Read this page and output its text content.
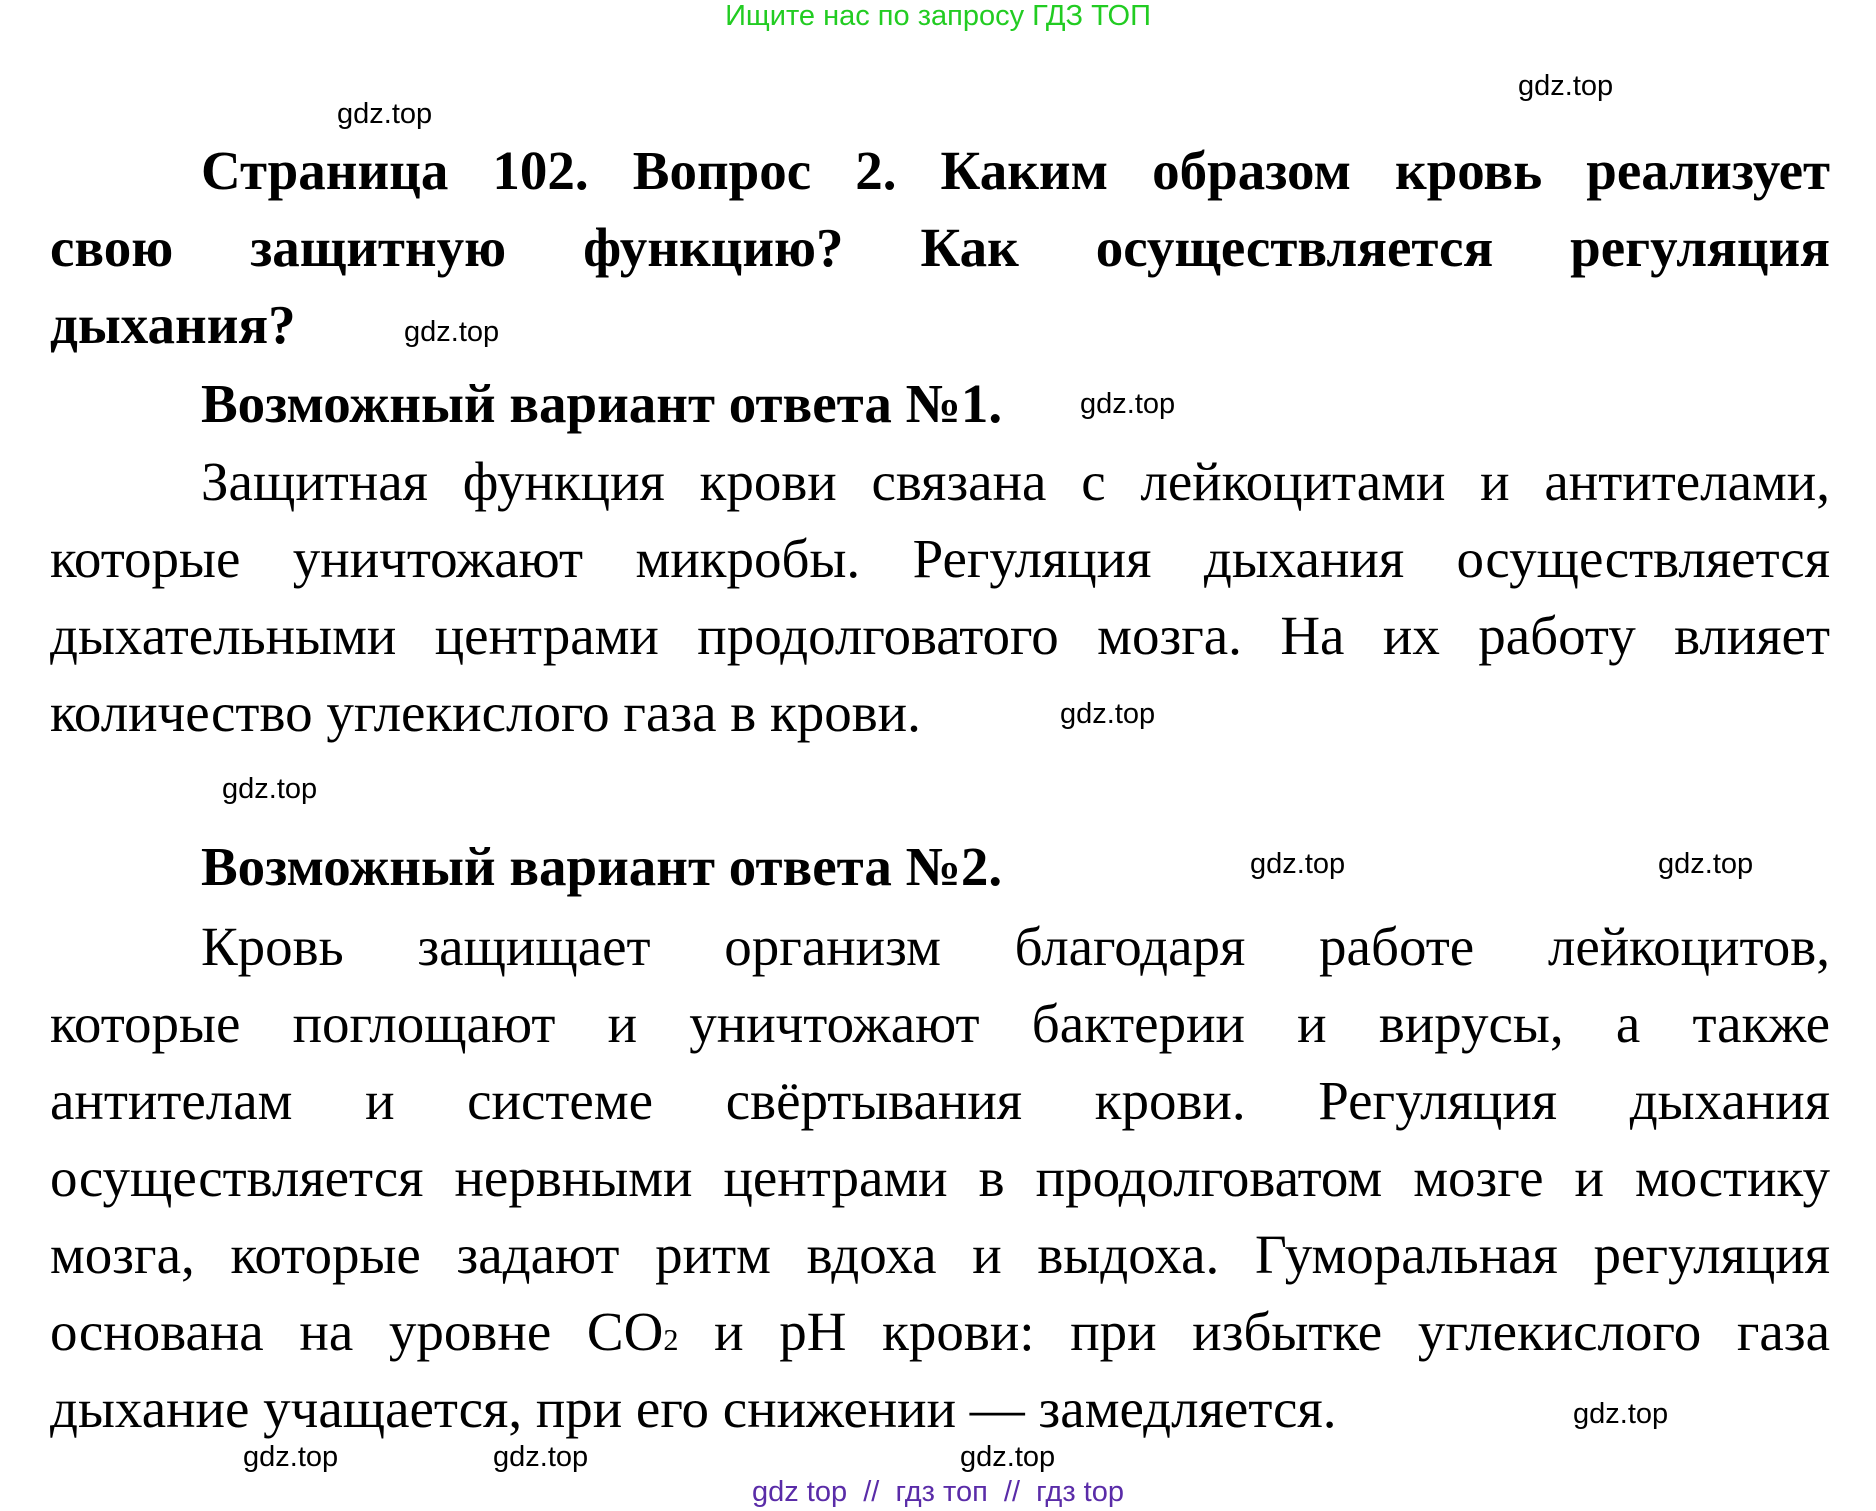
Ищите нас по запросу ГДЗ ТОП
gdz.top
gdz.top
gdz.top
gdz.top
gdz.top
gdz.top
gdz.top
gdz.top
gdz.top
gdz.top
gdz.top
gdz.top
Страница 102. Вопрос 2. Каким образом кровь реализует
свою защитную функцию? Как осуществляется регуляция
дыхания?
Возможный вариант ответа №1.
Защитная функция крови связана с лейкоцитами и антителами,
которые уничтожают микробы. Регуляция дыхания осуществляется
дыхательными центрами продолговатого мозга. На их работу влияет
количество углекислого газа в крови.
Возможный вариант ответа №2.
Кровь защищает организм благодаря работе лейкоцитов,
которые поглощают и уничтожают бактерии и вирусы, а также
антителам и системе свёртывания крови. Регуляция дыхания
осуществляется нервными центрами в продолговатом мозге и мостику
мозга, которые задают ритм вдоха и выдоха. Гуморальная регуляция
основана на уровне CO2 и pH крови: при избытке углекислого газа
дыхание учащается, при его снижении — замедляется.
gdz top  //  гдз топ  //  гдз top
